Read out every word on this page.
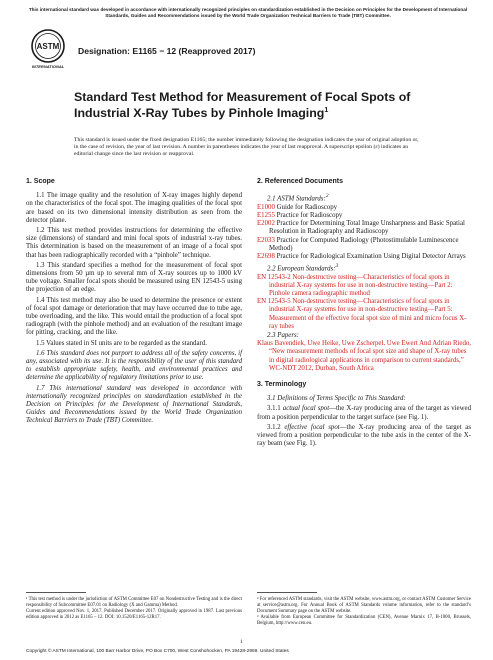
This international standard was developed in accordance with internationally recognized principles on standardization established in the Decision on Principles for the Development of International Standards, Guides and Recommendations issued by the World Trade Organization Technical Barriers to Trade (TBT) Committee.
ASTM
INTERNATIONAL
Designation: E1165 − 12 (Reapproved 2017)
Standard Test Method for Measurement of Focal Spots of Industrial X-Ray Tubes by Pinhole Imaging$^1$
This standard is issued under the fixed designation E1165; the number immediately following the designation indicates the year of original adoption or, in the case of revision, the year of last revision. A number in parentheses indicates the year of last reapproval. A superscript epsilon (ε) indicates an editorial change since the last revision or reapproval.
1. Scope

1.1 The image quality and the resolution of X-ray images highly depend on the characteristics of the focal spot. The imaging qualities of the focal spot are based on its two dimensional intensity distribution as seen from the detector plane.

1.2 This test method provides instructions for determining the effective size (dimensions) of standard and mini focal spots of industrial x-ray tubes. This determination is based on the measurement of an image of a focal spot that has been radiographically recorded with a “pinhole” technique.

1.3 This standard specifies a method for the measurement of focal spot dimensions from 50 µm up to several mm of X-ray sources up to 1000 kV tube voltage. Smaller focal spots should be measured using EN 12543-5 using the projection of an edge.

1.4 This test method may also be used to determine the presence or extent of focal spot damage or deterioration that may have occurred due to tube age, tube overloading, and the like. This would entail the production of a focal spot radiograph (with the pinhole method) and an evaluation of the resultant image for pitting, cracking, and the like.

1.5 Values stated in SI units are to be regarded as the standard.

1.6 This standard does not purport to address all of the safety concerns, if any, associated with its use. It is the responsibility of the user of this standard to establish appropriate safety, health, and environmental practices and determine the applicability of regulatory limitations prior to use.

1.7 This international standard was developed in accordance with internationally recognized principles on standardization established in the Decision on Principles for the Development of International Standards, Guides and Recommendations issued by the World Trade Organization Technical Barriers to Trade (TBT) Committee.

2. Referenced Documents

2.1 ASTM Standards:$^2$

E1000 Guide for Radioscopy

E1255 Practice for Radioscopy

E2002 Practice for Determining Total Image Unsharpness and Basic Spatial Resolution in Radiography and Radioscopy

E2033 Practice for Computed Radiology (Photostimulable Luminescence Method)

E2698 Practice for Radiological Examination Using Digital Detector Arrays

2.2 European Standards:$^3$

EN 12543-2 Non-destructive testing—Characteristics of focal spots in industrial X-ray systems for use in non-destructive testing—Part 2: Pinhole camera radiographic method

EN 12543-5 Non-destructive testing—Characteristics of focal spots in industrial X-ray systems for use in non-destructive testing—Part 5: Measurement of the effective focal spot size of mini and micro focus X-ray tubes

2.3 Papers:

Klaus Bavendiek, Uwe Heike, Uwe Zscherpel, Uwe Ewert And Adrian Riedo, “New measurement methods of focal spot size and shape of X-ray tubes in digital radiological applications in comparison to current standards,” WC-NDT 2012, Durban, South Africa

3. Terminology

3.1 Definitions of Terms Specific to This Standard:

3.1.1 actual focal spot—the X-ray producing area of the target as viewed from a position perpendicular to the target surface (see Fig. 1).

3.1.2 effective focal spot—the X-ray producing area of the target as viewed from a position perpendicular to the tube axis in the center of the X-ray beam (see Fig. 1).

¹ This test method is under the jurisdiction of ASTM Committee E07 on Nondestructive Testing and is the direct responsibility of Subcommittee E07.01 on Radiology (X and Gamma) Method.
Current edition approved Nov. 1, 2017. Published December 2017. Originally approved in 1987. Last previous edition approved in 2012 as E1165 – 12. DOI: 10.1520/E1165-12R17.
² For referenced ASTM standards, visit the ASTM website, www.astm.org, or contact ASTM Customer Service at service@astm.org. For Annual Book of ASTM Standards volume information, refer to the standard’s Document Summary page on the ASTM website.
³ Available from European Committee for Standardization (CEN), Avenue Marnix 17, B-1000, Brussels, Belgium, http://www.cen.eu.
1
Copyright © ASTM International, 100 Barr Harbor Drive, PO Box C700, West Conshohocken, PA 19428-2959. United States
